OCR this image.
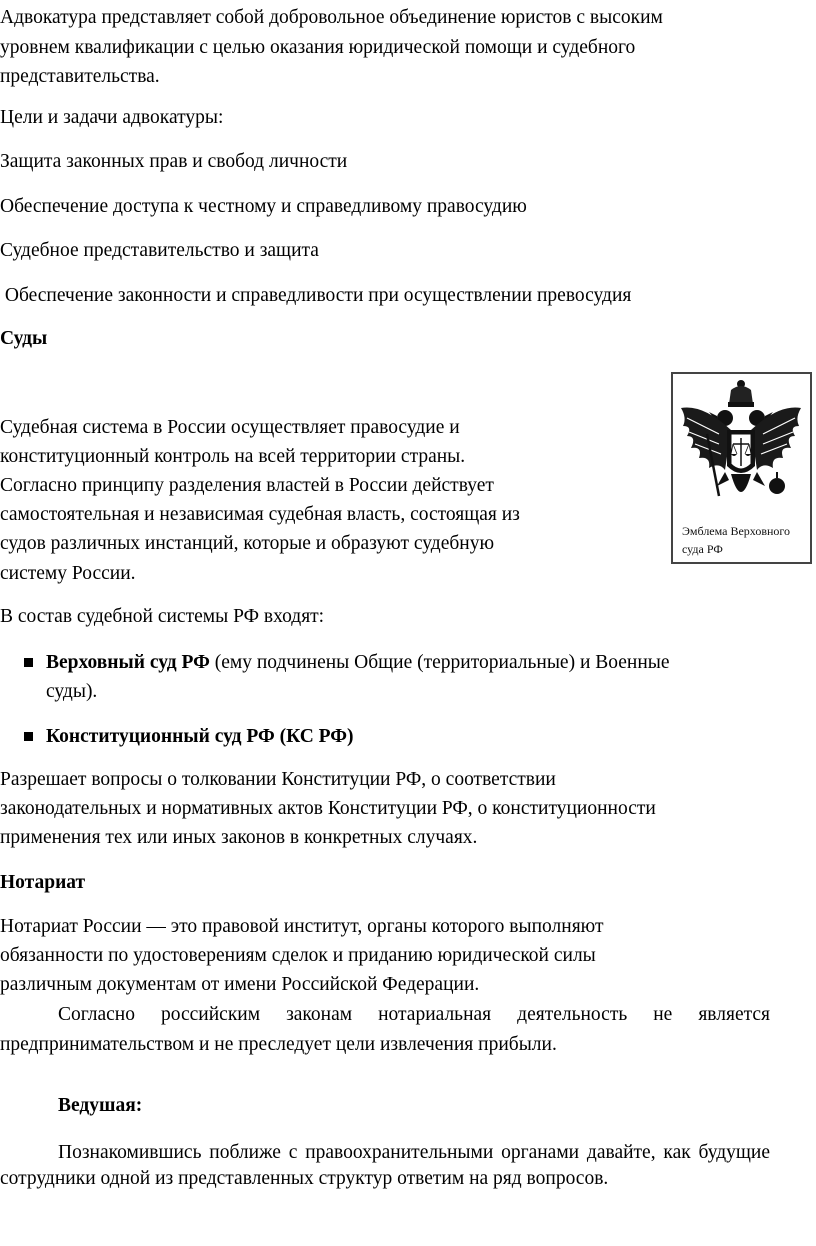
Адвокатура представляет собой добровольное объединение юристов с высоким
уровнем квалификации с целью оказания юридической помощи и судебного
представительства.
Цели и задачи адвокатуры:
Защита законных прав и свобод личности
Обеспечение доступа к честному и справедливому правосудию
Судебное представительство и защита
Обеспечение законности и справедливости при осуществлении превосудия
Суды
Судебная система в России осуществляет правосудие и
конституционный контроль на всей территории страны.
Согласно принципу разделения властей в России действует
самостоятельная и независимая судебная власть, состоящая из
судов различных инстанций, которые и образуют судебную
систему России.
Эмблема Верховного суда РФ
В состав судебной системы РФ входят:
Верховный суд РФ (ему подчинены Общие (территориальные) и Военные
суды).
Конституционный суд РФ (КС РФ)
Разрешает вопросы о толковании Конституции РФ, о соответствии
законодательных и нормативных актов Конституции РФ, о конституционности
применения тех или иных законов в конкретных случаях.
Нотариат
Нотариат России — это правовой институт, органы которого выполняют
обязанности по удостоверениям сделок и приданию юридической силы
различным документам от имени Российской Федерации.
Согласно российским законам нотариальная деятельность не является предпринимательством и не преследует цели извлечения прибыли.
Ведушая:
Познакомившись поближе с правоохранительными органами давайте, как будущие сотрудники одной из представленных структур ответим на ряд вопросов.
